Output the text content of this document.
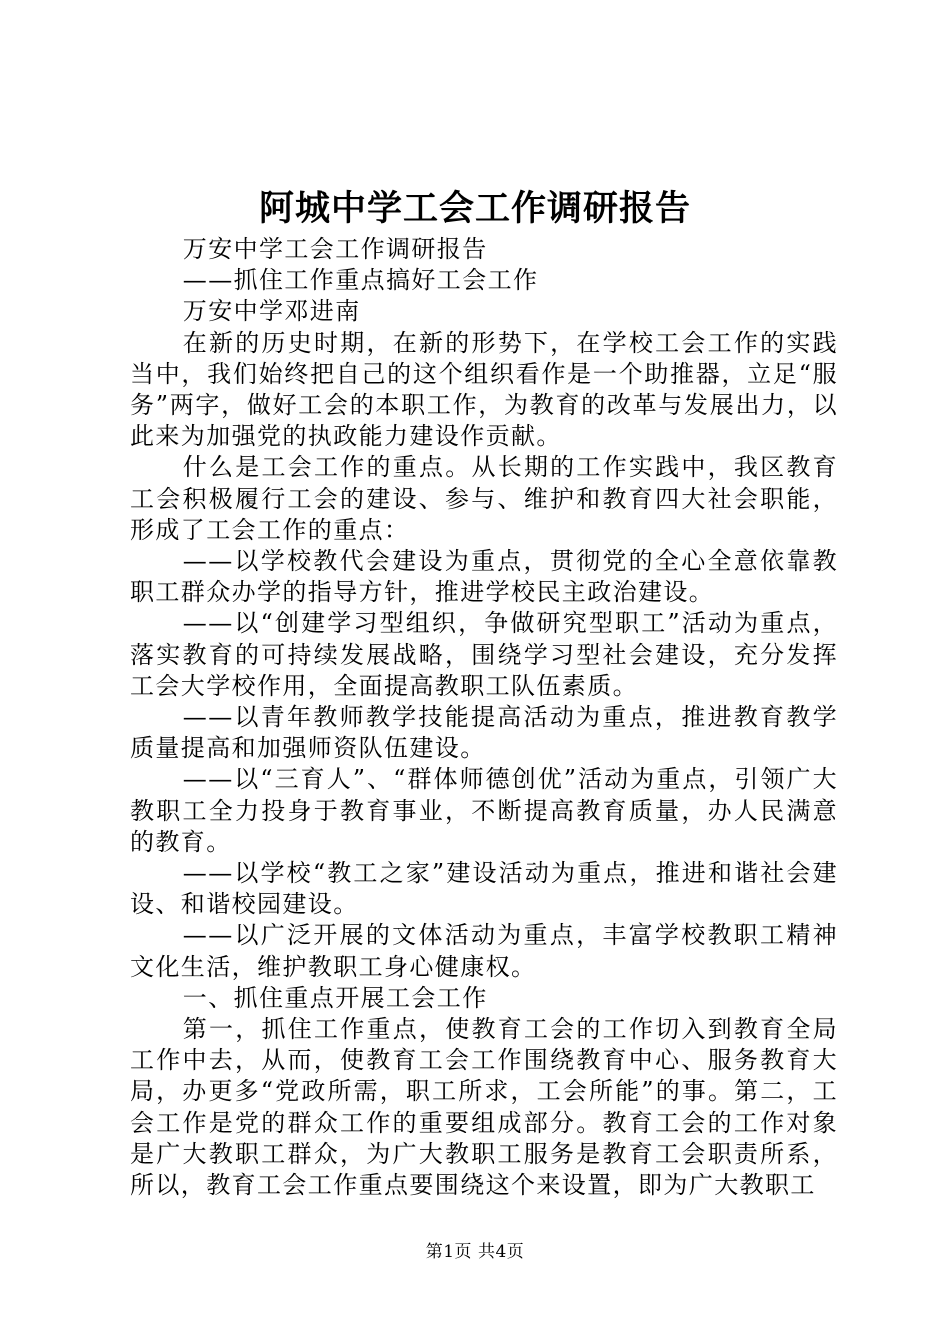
阿城中学工会工作调研报告

万安中学工会工作调研报告

——抓住工作重点搞好工会工作

万安中学邓进南

在新的历史时期，在新的形势下，在学校工会工作的实践当中，我们始终把自己的这个组织看作是一个助推器，立足“服务”两字，做好工会的本职工作，为教育的改革与发展出力，以此来为加强党的执政能力建设作贡献。

什么是工会工作的重点。从长期的工作实践中，我区教育工会积极履行工会的建设、参与、维护和教育四大社会职能，形成了工会工作的重点：

——以学校教代会建设为重点，贯彻党的全心全意依靠教职工群众办学的指导方针，推进学校民主政治建设。

——以“创建学习型组织，争做研究型职工”活动为重点，落实教育的可持续发展战略，围绕学习型社会建设，充分发挥工会大学校作用，全面提高教职工队伍素质。

——以青年教师教学技能提高活动为重点，推进教育教学质量提高和加强师资队伍建设。

——以“三育人”、“群体师德创优”活动为重点，引领广大教职工全力投身于教育事业，不断提高教育质量，办人民满意的教育。

——以学校“教工之家”建设活动为重点，推进和谐社会建设、和谐校园建设。

——以广泛开展的文体活动为重点，丰富学校教职工精神文化生活，维护教职工身心健康权。

一、抓住重点开展工会工作

第一，抓住工作重点，使教育工会的工作切入到教育全局工作中去，从而，使教育工会工作围绕教育中心、服务教育大局，办更多“党政所需，职工所求，工会所能”的事。第二，工会工作是党的群众工作的重要组成部分。教育工会的工作对象是广大教职工群众，为广大教职工服务是教育工会职责所系，所以，教育工会工作重点要围绕这个来设置，即为广大教职工

第1页 共4页
